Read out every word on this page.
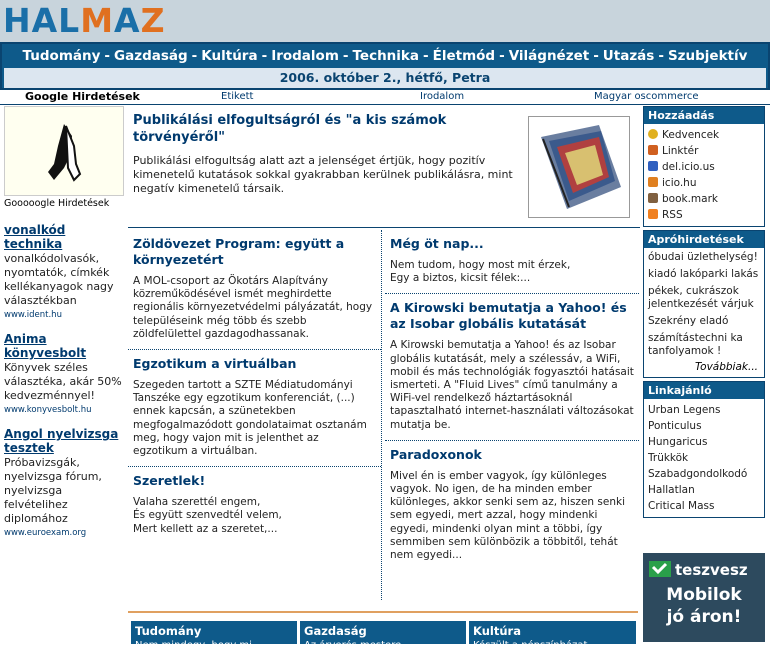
HALMAZ
Tudomány - Gazdaság - Kultúra - Irodalom - Technika - Életmód - Világnézet - Utazás - Szubjektív
2006. október 2., hétfő, Petra
Google Hirdetések	Etikett	Irodalom	Magyar oscommerce
Gooooogle Hirdetések
vonalkód technika

vonalkódolvasók, nyomtatók, címkék kellékanyagok nagy választékban

www.ident.hu
Anima könyvesbolt

Könyvek széles választéka, akár 50% kedvezménnyel!

www.konyvesbolt.hu
Angol nyelvizsga tesztek

Próbavizsgák, nyelvizsga fórum, nyelvizsga felvételihez diplomához

www.euroexam.org
Publikálási elfogultságról és "a kis számok törvényéről"

Publikálási elfogultság alatt azt a jelenséget értjük, hogy pozitív kimenetelű kutatások sokkal gyakrabban kerülnek publikálásra, mint negatív kimenetelű társaik.

Zöldövezet Program: együtt a környezetért

A MOL-csoport az Ökotárs Alapítvány közreműködésével ismét meghirdette regionális környezetvédelmi pályázatát, hogy településeink még több és szebb zöldfelülettel gazdagodhassanak.

Egzotikum a virtuálban

Szegeden tartott a SZTE Médiatudományi Tanszéke egy egzotikum konferenciát, (...) ennek kapcsán, a szünetekben megfogalmazódott gondolataimat osztanám meg, hogy vajon mit is jelenthet az egzotikum a virtuálban.

Szeretlek!

Valaha szerettél engem,
És együtt szenvedtél velem,
Mert kellett az a szeretet,...

Még öt nap...

Nem tudom, hogy most mit érzek,
Egy a biztos, kicsit félek:...

A Kirowski bemutatja a Yahoo! és az Isobar globális kutatását

A Kirowski bemutatja a Yahoo! és az Isobar globális kutatását, mely a szélessáv, a WiFi, mobil és más technológiák fogyasztói hatásait ismerteti. A "Fluid Lives" című tanulmány a WiFi-vel rendelkező háztartásoknál tapasztalható internet-használati változásokat mutatja be.

Paradoxonok

Mivel én is ember vagyok, így különleges vagyok. No igen, de ha minden ember különleges, akkor senki sem az, hiszen senki sem egyedi, mert azzal, hogy mindenki egyedi, mindenki olyan mint a többi, így semmiben sem különbözik a többitől, tehát nem egyedi...

Tudomány
Nem mindegy, hogy mi
Gazdaság
Az árverés mestere
Kultúra
Készült a népszínházat
Hozzáadás
Kedvencek
Linktér
del.icio.us
icio.hu
book.mark
RSS
Apróhirdetések

óbudai üzlethelység!

kiadó lakóparki lakás

pékek, cukrászok jelentkezését várjuk

Szekrény eladó

számítástechni ka tanfolyamok !

Továbbiak...
Linkajánló
Urban Legens
Ponticulus Hungaricus
Trükkök
Szabadgondolkodó
Hallatlan
Critical Mass
teszvesz
Mobilok
jó áron!
